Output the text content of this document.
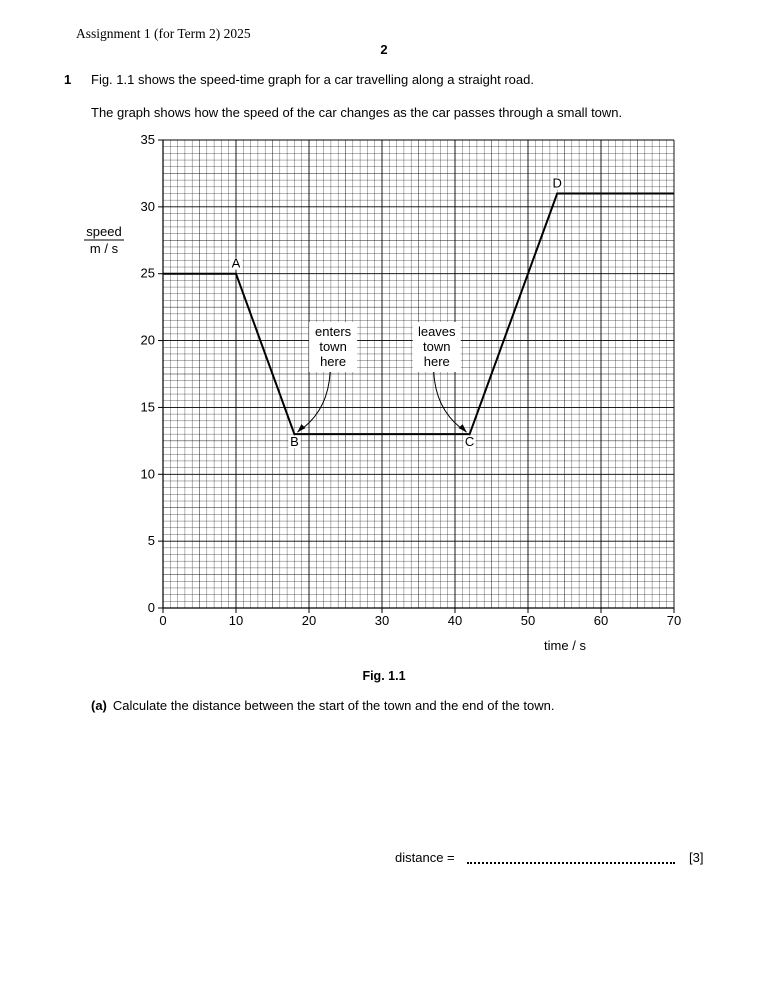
Assignment 1 (for Term 2) 2025
2
1 Fig. 1.1 shows the speed-time graph for a car travelling along a straight road.
The graph shows how the speed of the car changes as the car passes through a small town.
0	10	20	30	40	50	60	70
0
5
10
15
20
25
30
35
speed
m / s
time / s
A
B	C
D
enters
town
here
leaves
town
here
Fig. 1.1
(a) Calculate the distance between the start of the town and the end of the town.
distance =	[3]
